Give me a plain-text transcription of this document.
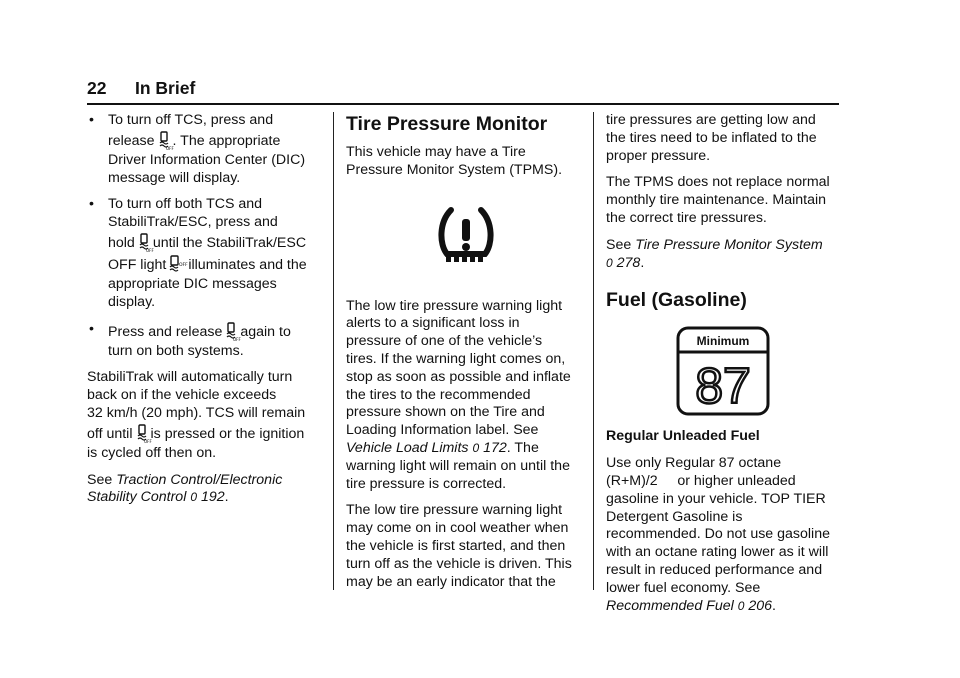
22 In Brief
• To turn off TCS, press and
release	OFF . The appropriate
Driver Information Center (DIC)
message will display.
• To turn off both TCS and
StabiliTrak/ESC, press and
hold	OFF until the StabiliTrak/ESC
OFF light	OFF illuminates and the
appropriate DIC messages
display.
• Press and release	OFF again to
turn on both systems.

StabiliTrak will automatically turn
back on if the vehicle exceeds
32 km/h (20 mph). TCS will remain
off until	OFF is pressed or the ignition
is cycled off then on.

See Traction Control/Electronic
Stability Control 0 192.

Tire Pressure Monitor

This vehicle may have a Tire
Pressure Monitor System (TPMS).

The low tire pressure warning light
alerts to a significant loss in
pressure of one of the vehicle’s
tires. If the warning light comes on,
stop as soon as possible and inflate
the tires to the recommended
pressure shown on the Tire and
Loading Information label. See
Vehicle Load Limits 0 172. The
warning light will remain on until the
tire pressure is corrected.

The low tire pressure warning light
may come on in cool weather when
the vehicle is first started, and then
turn off as the vehicle is driven. This
may be an early indicator that the

tire pressures are getting low and
the tires need to be inflated to the
proper pressure.

The TPMS does not replace normal
monthly tire maintenance. Maintain
the correct tire pressures.

See Tire Pressure Monitor System
0 278.

Fuel (Gasoline)
Minimum
87

Regular Unleaded Fuel

Use only Regular 87 octane
(R+M)/2     or higher unleaded
gasoline in your vehicle. TOP TIER
Detergent Gasoline is
recommended. Do not use gasoline
with an octane rating lower as it will
result in reduced performance and
lower fuel economy. See
Recommended Fuel 0 206.
